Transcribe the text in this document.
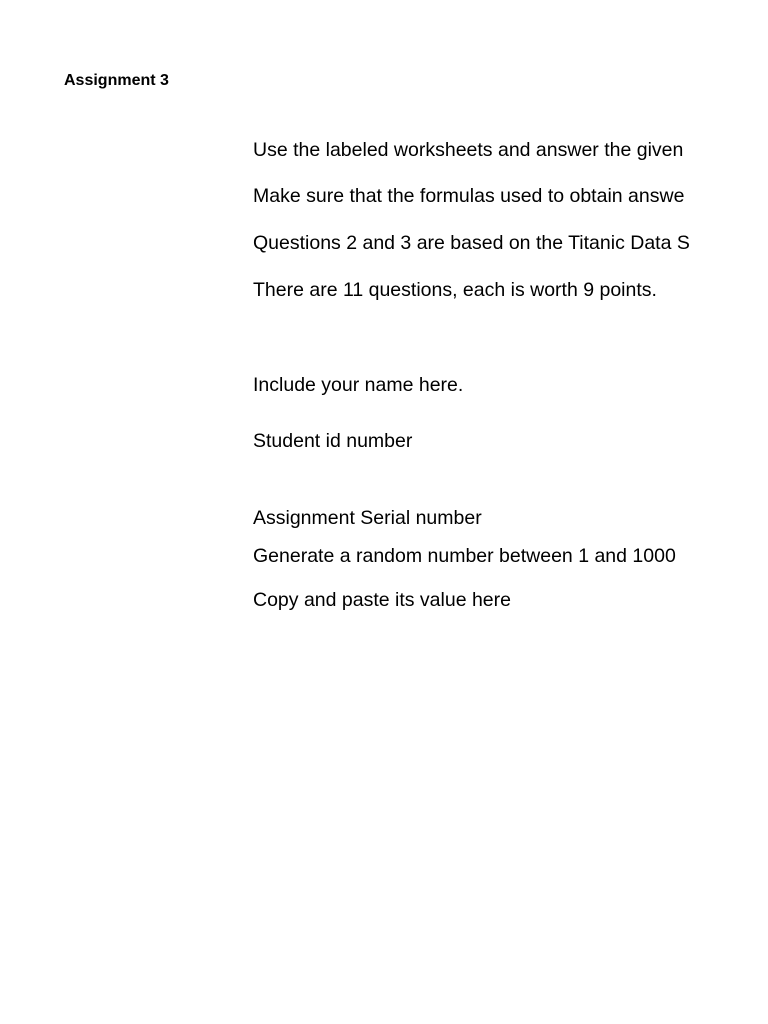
Assignment 3
Use the labeled worksheets and answer the given
Make sure that the formulas used to obtain answe
Questions 2 and 3 are based on the Titanic Data S
There are 11 questions, each is worth 9 points.
Include your name here.
Student id number
Assignment Serial number
Generate a random number between 1 and 1000
Copy and paste its value here
